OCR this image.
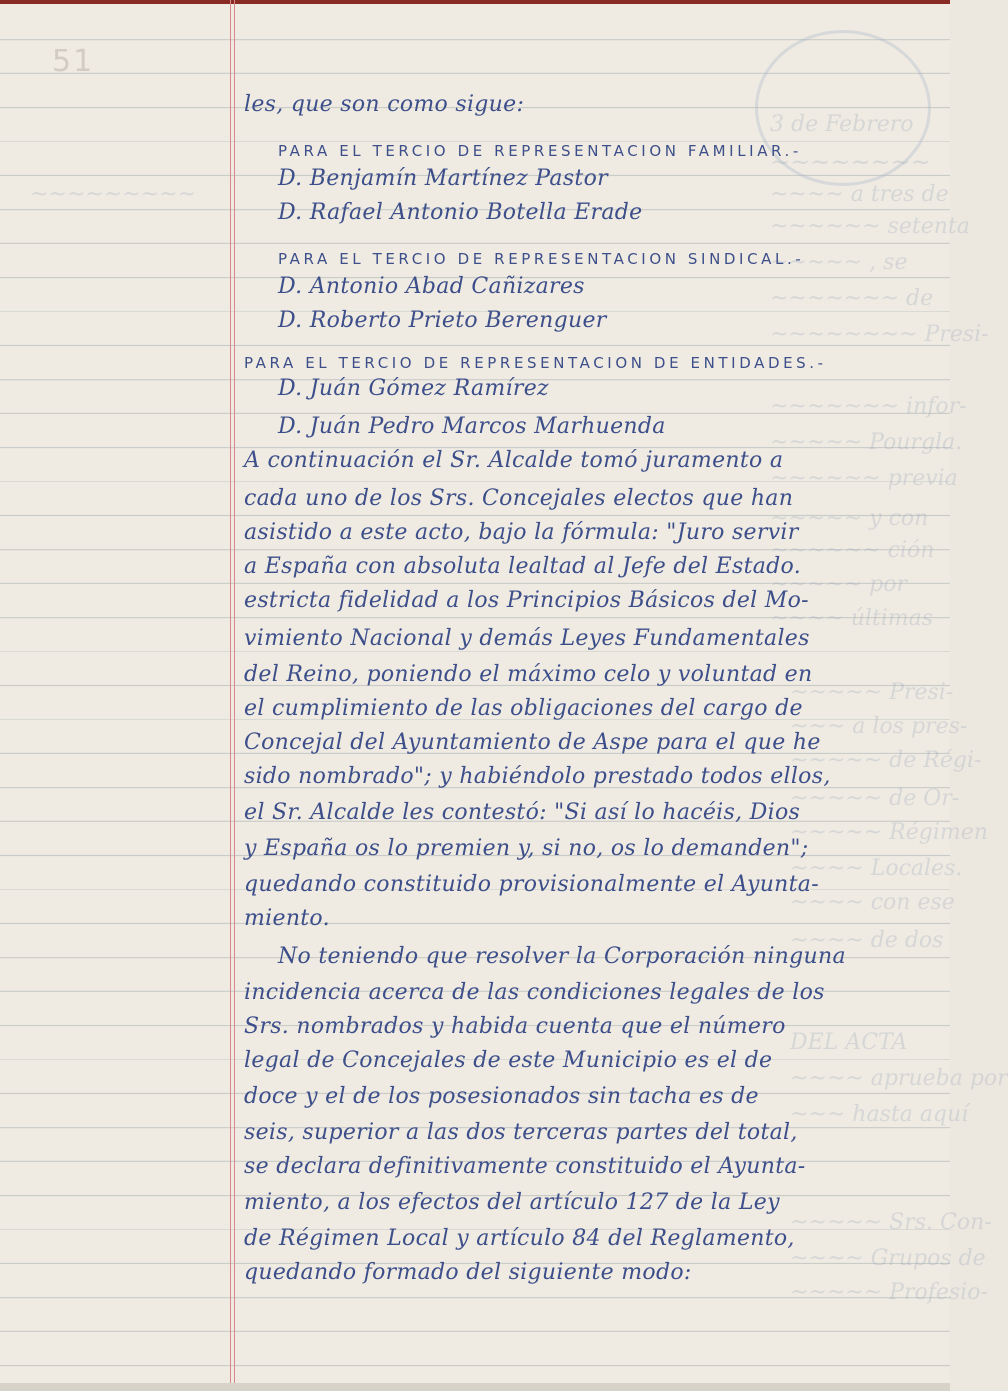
3 de Febrero
~~~~~~~~
~~~~~~~~~	~~~~ a tres de
~~~~~~ setenta
~~~~~ , se
~~~~~~~ de
~~~~~~~~ Presi-
~~~~~~~ infor-
~~~~~ Pourgla.
~~~~~~ previa
~~~~~ y con
~~~~~~ ción
~~~~~ por
~~~~ últimas
~~~~~ Presi-
~~~ a los pres-
~~~~~ de Régi-
~~~~~ de Or-
~~~~~ Régimen
~~~~ Locales.
~~~~ con ese
~~~~ de dos
DEL ACTA
~~~~ aprueba por
~~~ hasta aquí
~~~~~ Srs. Con-
~~~~ Grupos de
~~~~~ Profesio-
51
les, que son como sigue:
PARA EL TERCIO DE REPRESENTACION FAMILIAR.-
D. Benjamín Martínez Pastor
D. Rafael Antonio Botella Erade
PARA EL TERCIO DE REPRESENTACION SINDICAL.-
D. Antonio Abad Cañizares
D. Roberto Prieto Berenguer
PARA EL TERCIO DE REPRESENTACION DE ENTIDADES.-
D. Juán Gómez Ramírez
D. Juán Pedro Marcos Marhuenda
A continuación el Sr. Alcalde tomó juramento a
cada uno de los Srs. Concejales electos que han
asistido a este acto, bajo la fórmula: "Juro servir
a España con absoluta lealtad al Jefe del Estado.
estricta fidelidad a los Principios Básicos del Mo-
vimiento Nacional y demás Leyes Fundamentales
del Reino, poniendo el máximo celo y voluntad en
el cumplimiento de las obligaciones del cargo de
Concejal del Ayuntamiento de Aspe para el que he
sido nombrado"; y habiéndolo prestado todos ellos,
el Sr. Alcalde les contestó: "Si así lo hacéis, Dios
y España os lo premien y, si no, os lo demanden";
quedando constituido provisionalmente el Ayunta-
miento.
No teniendo que resolver la Corporación ninguna
incidencia acerca de las condiciones legales de los
Srs. nombrados y habida cuenta que el número
legal de Concejales de este Municipio es el de
doce y el de los posesionados sin tacha es de
seis, superior a las dos terceras partes del total,
se declara definitivamente constituido el Ayunta-
miento, a los efectos del artículo 127 de la Ley
de Régimen Local y artículo 84 del Reglamento,
quedando formado del siguiente modo:
